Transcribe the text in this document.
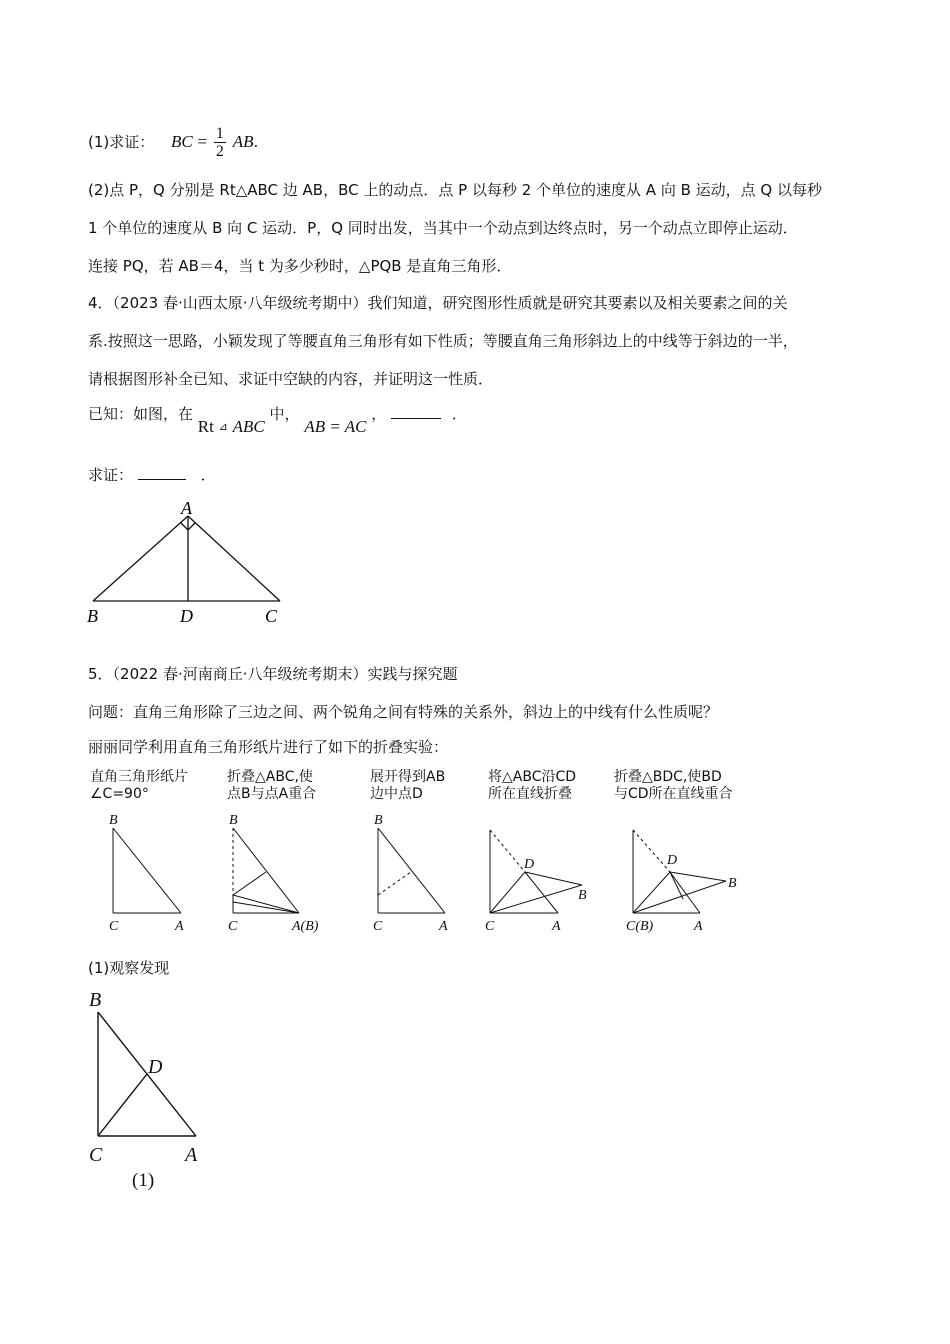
(1)求证： BC = $\frac{1}{2}$ AB.
(2)点 P，Q 分别是 Rt△ABC 边 AB，BC 上的动点．点 P 以每秒 2 个单位的速度从 A 向 B 运动，点 Q 以每秒
1 个单位的速度从 B 向 C 运动．P，Q 同时出发，当其中一个动点到达终点时，另一个动点立即停止运动．
连接 PQ，若 AB＝4，当 t 为多少秒时，△PQB 是直角三角形．
4．（2023 春·山西太原·八年级统考期中）我们知道，研究图形性质就是研究其要素以及相关要素之间的关
系.按照这一思路，小颖发现了等腰直角三角形有如下性质；等腰直角三角形斜边上的中线等于斜边的一半，
请根据图形补全已知、求证中空缺的内容，并证明这一性质．
已知：如图，在 Rt $_⊿$ ABC 中， AB = AC ，	．
求证：	．
A
B	D	C
5．（2022 春·河南商丘·八年级统考期末）实践与探究题
问题：直角三角形除了三边之间、两个锐角之间有特殊的关系外，斜边上的中线有什么性质呢？
丽丽同学利用直角三角形纸片进行了如下的折叠实验：
直角三角形纸片
∠C=90°
折叠△ABC,使
点B与点A重合
展开得到AB
边中点D
将△ABC沿CD
所在直线折叠
折叠△BDC,使BD
与CD所在直线重合
B
C	A
B
C	A(B)
B
C	A
D
B
C	A
D
B
C(B)	A
(1)观察发现
B
D
C	A
(1)
